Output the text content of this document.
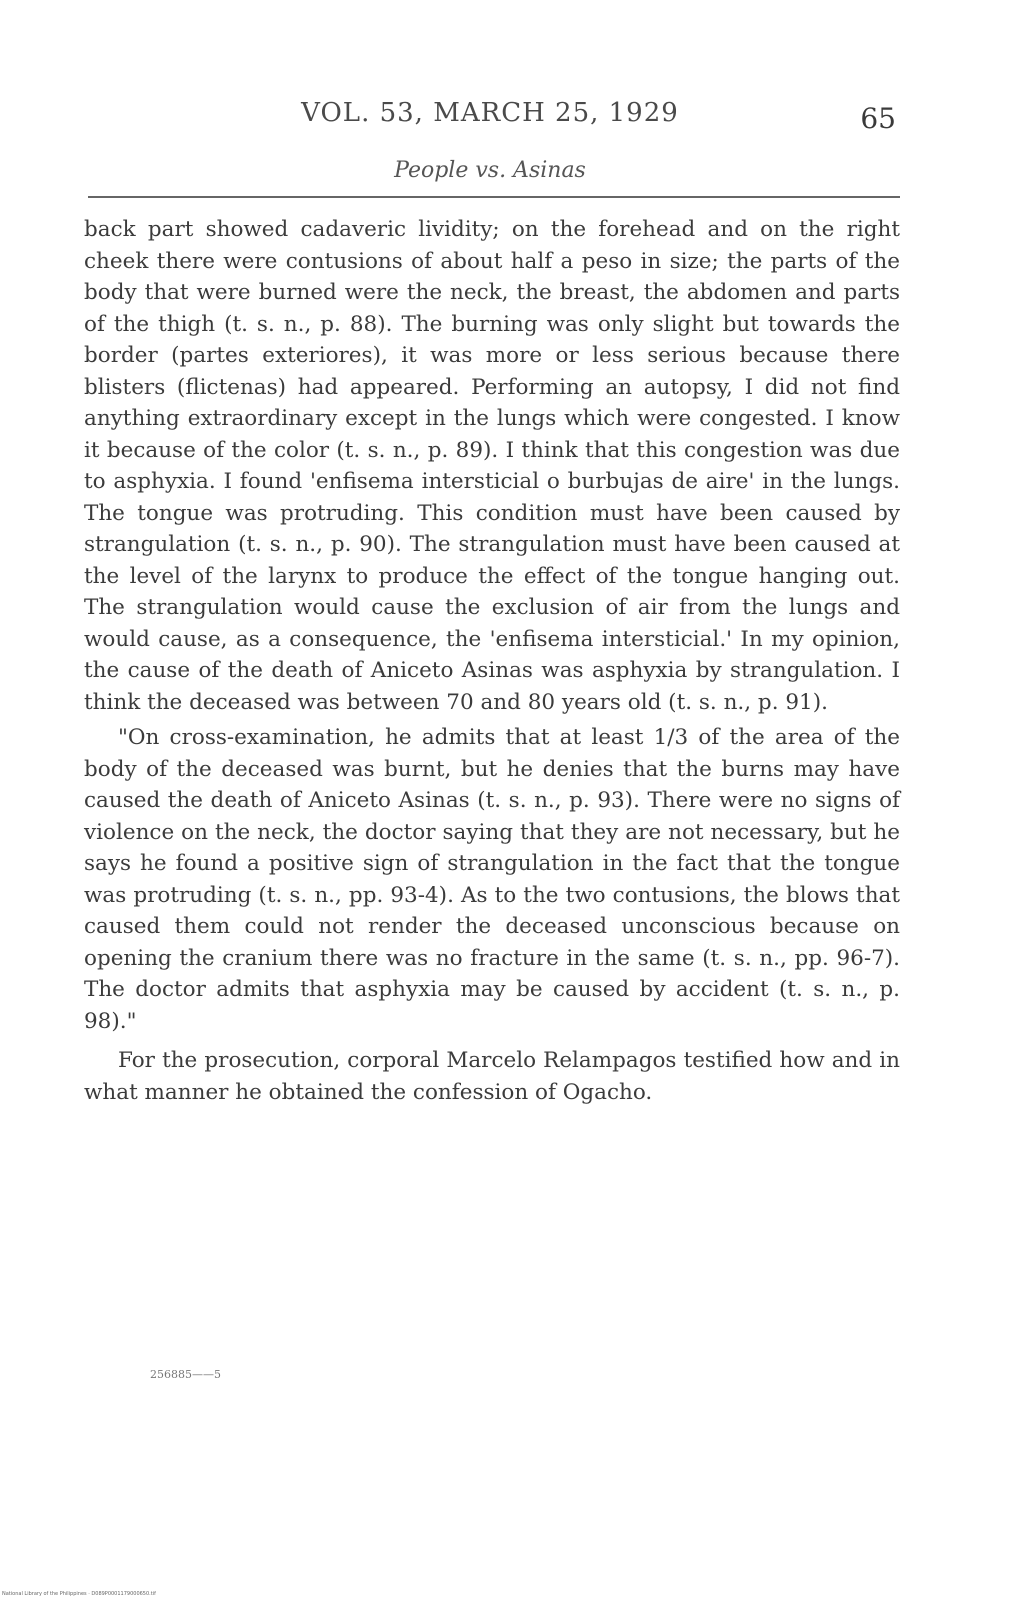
VOL. 53, MARCH 25, 1929	65
People vs. Asinas

back part showed cadaveric lividity; on the forehead and on the right cheek there were contusions of about half a peso in size; the parts of the body that were burned were the neck, the breast, the abdomen and parts of the thigh (t. s. n., p. 88). The burning was only slight but towards the border (partes exteriores), it was more or less serious because there blisters (flictenas) had appeared. Performing an autopsy, I did not find anything extraordinary except in the lungs which were congested. I know it because of the color (t. s. n., p. 89). I think that this congestion was due to asphyxia. I found 'enfisema intersticial o burbujas de aire' in the lungs. The tongue was protruding. This condition must have been caused by strangulation (t. s. n., p. 90). The strangulation must have been caused at the level of the larynx to produce the effect of the tongue hanging out. The strangulation would cause the exclusion of air from the lungs and would cause, as a consequence, the 'enfisema intersticial.' In my opinion, the cause of the death of Aniceto Asinas was asphyxia by strangulation. I think the deceased was between 70 and 80 years old (t. s. n., p. 91).

"On cross-examination, he admits that at least 1/3 of the area of the body of the deceased was burnt, but he denies that the burns may have caused the death of Aniceto Asinas (t. s. n., p. 93). There were no signs of violence on the neck, the doctor saying that they are not necessary, but he says he found a positive sign of strangulation in the fact that the tongue was protruding (t. s. n., pp. 93-4). As to the two contusions, the blows that caused them could not render the deceased unconscious because on opening the cranium there was no fracture in the same (t. s. n., pp. 96-7). The doctor admits that asphyxia may be caused by accident (t. s. n., p. 98)."

For the prosecution, corporal Marcelo Relampagos testified how and in what manner he obtained the confession of Ogacho.

256885——5
National Library of the Philippines · D089P0001179000650.tif
